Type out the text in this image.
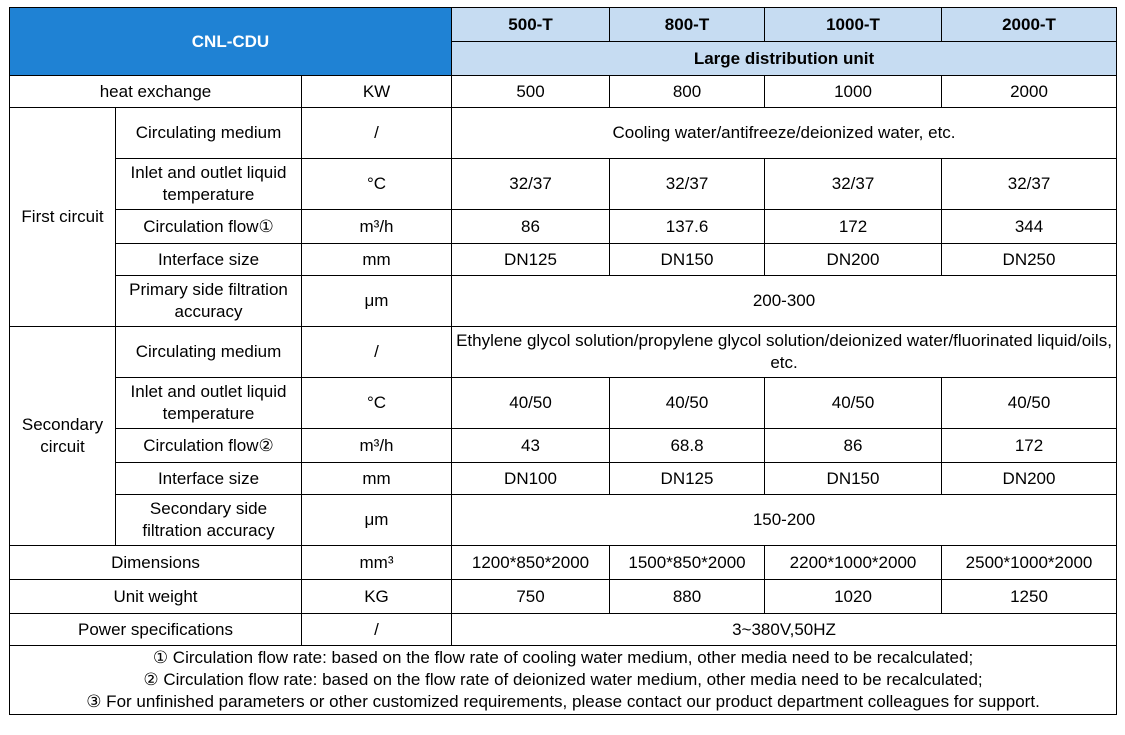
CNL-CDU			500-T	800-T	1000-T	2000-T
			Large distribution unit			
heat exchange		KW	500	800	1000	2000
First circuit	Circulating medium	/	Cooling water/antifreeze/deionized water, etc.			
	Inlet and outlet liquid temperature	°C	32/37	32/37	32/37	32/37
	Circulation flow①	m³/h	86	137.6	172	344
	Interface size	mm	DN125	DN150	DN200	DN250
	Primary side filtration accuracy	μm	200-300			
Secondary circuit	Circulating medium	/	Ethylene glycol solution/propylene glycol solution/deionized water/fluorinated liquid/oils, etc.			
	Inlet and outlet liquid temperature	°C	40/50	40/50	40/50	40/50
	Circulation flow②	m³/h	43	68.8	86	172
	Interface size	mm	DN100	DN125	DN150	DN200
	Secondary side filtration accuracy	μm	150-200			
Dimensions		mm³	1200*850*2000	1500*850*2000	2200*1000*2000	2500*1000*2000
Unit weight		KG	750	880	1020	1250
Power specifications		/	3~380V,50HZ			

① Circulation flow rate: based on the flow rate of cooling water medium, other media need to be recalculated;
② Circulation flow rate: based on the flow rate of deionized water medium, other media need to be recalculated;
③ For unfinished parameters or other customized requirements, please contact our product department colleagues for support.						
